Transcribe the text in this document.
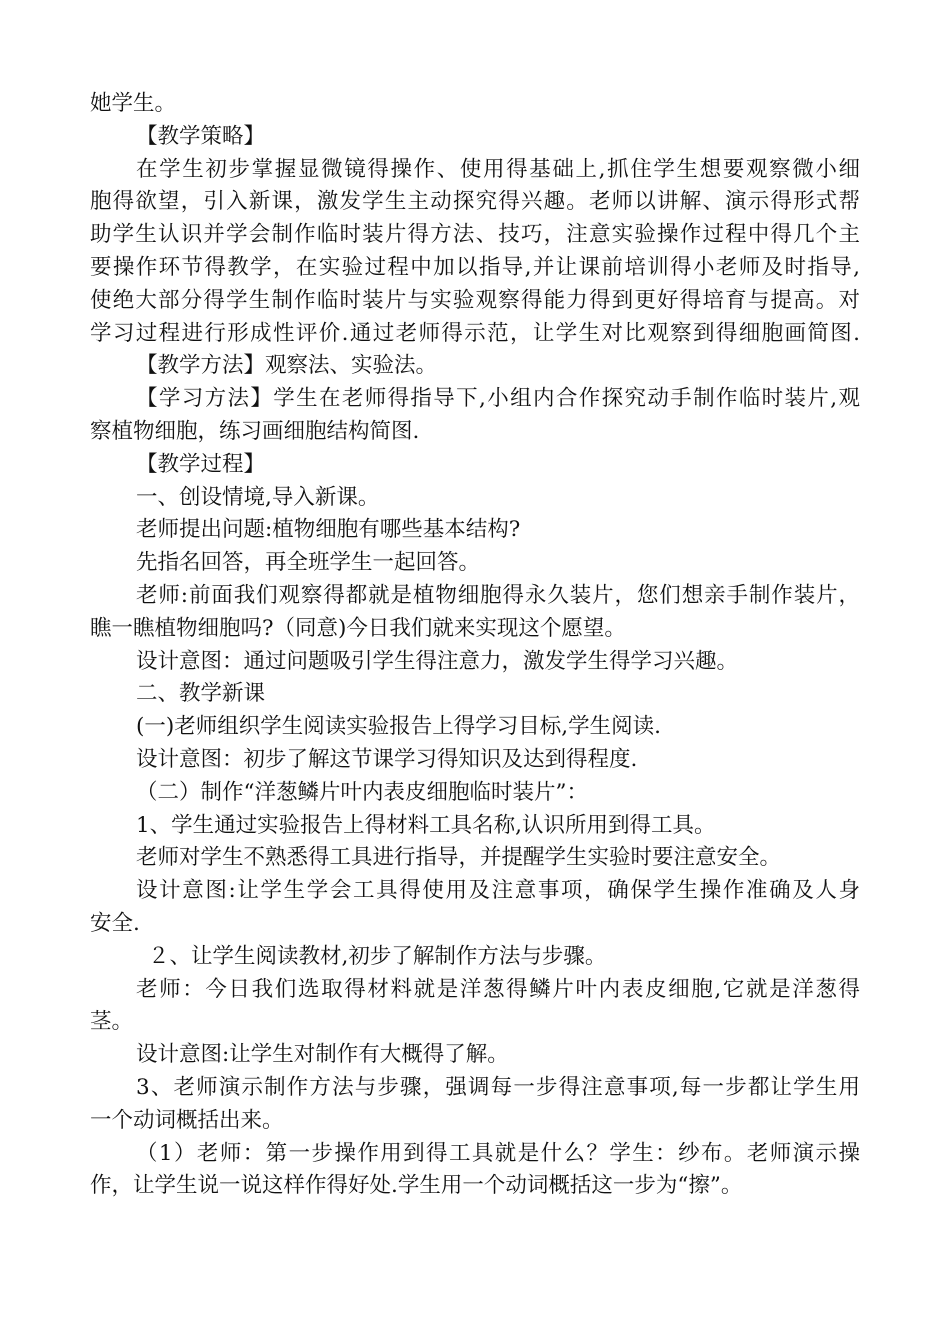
她学生。
【教学策略】
在学生初步掌握显微镜得操作、使用得基础上,抓住学生想要观察微小细
胞得欲望，引入新课，激发学生主动探究得兴趣。老师以讲解、演示得形式帮
助学生认识并学会制作临时装片得方法、技巧，注意实验操作过程中得几个主
要操作环节得教学，在实验过程中加以指导,并让课前培训得小老师及时指导,
使绝大部分得学生制作临时装片与实验观察得能力得到更好得培育与提高。对
学习过程进行形成性评价.通过老师得示范，让学生对比观察到得细胞画简图.
【教学方法】观察法、实验法。
【学习方法】学生在老师得指导下,小组内合作探究动手制作临时装片,观
察植物细胞，练习画细胞结构简图.
【教学过程】
一、创设情境,导入新课。
老师提出问题:植物细胞有哪些基本结构?
先指名回答，再全班学生一起回答。
老师:前面我们观察得都就是植物细胞得永久装片，您们想亲手制作装片，
瞧一瞧植物细胞吗?（同意)今日我们就来实现这个愿望。
设计意图：通过问题吸引学生得注意力，激发学生得学习兴趣。
二、教学新课
(一)老师组织学生阅读实验报告上得学习目标,学生阅读.
设计意图：初步了解这节课学习得知识及达到得程度.
（二）制作“洋葱鳞片叶内表皮细胞临时装片”：
1、学生通过实验报告上得材料工具名称,认识所用到得工具。
老师对学生不熟悉得工具进行指导，并提醒学生实验时要注意安全。
设计意图:让学生学会工具得使用及注意事项，确保学生操作准确及人身
安全.
２、让学生阅读教材,初步了解制作方法与步骤。
老师：今日我们选取得材料就是洋葱得鳞片叶内表皮细胞,它就是洋葱得
茎。
设计意图:让学生对制作有大概得了解。
3、老师演示制作方法与步骤，强调每一步得注意事项,每一步都让学生用
一个动词概括出来。
（1）老师：第一步操作用到得工具就是什么？学生：纱布。老师演示操
作，让学生说一说这样作得好处.学生用一个动词概括这一步为“擦”。
